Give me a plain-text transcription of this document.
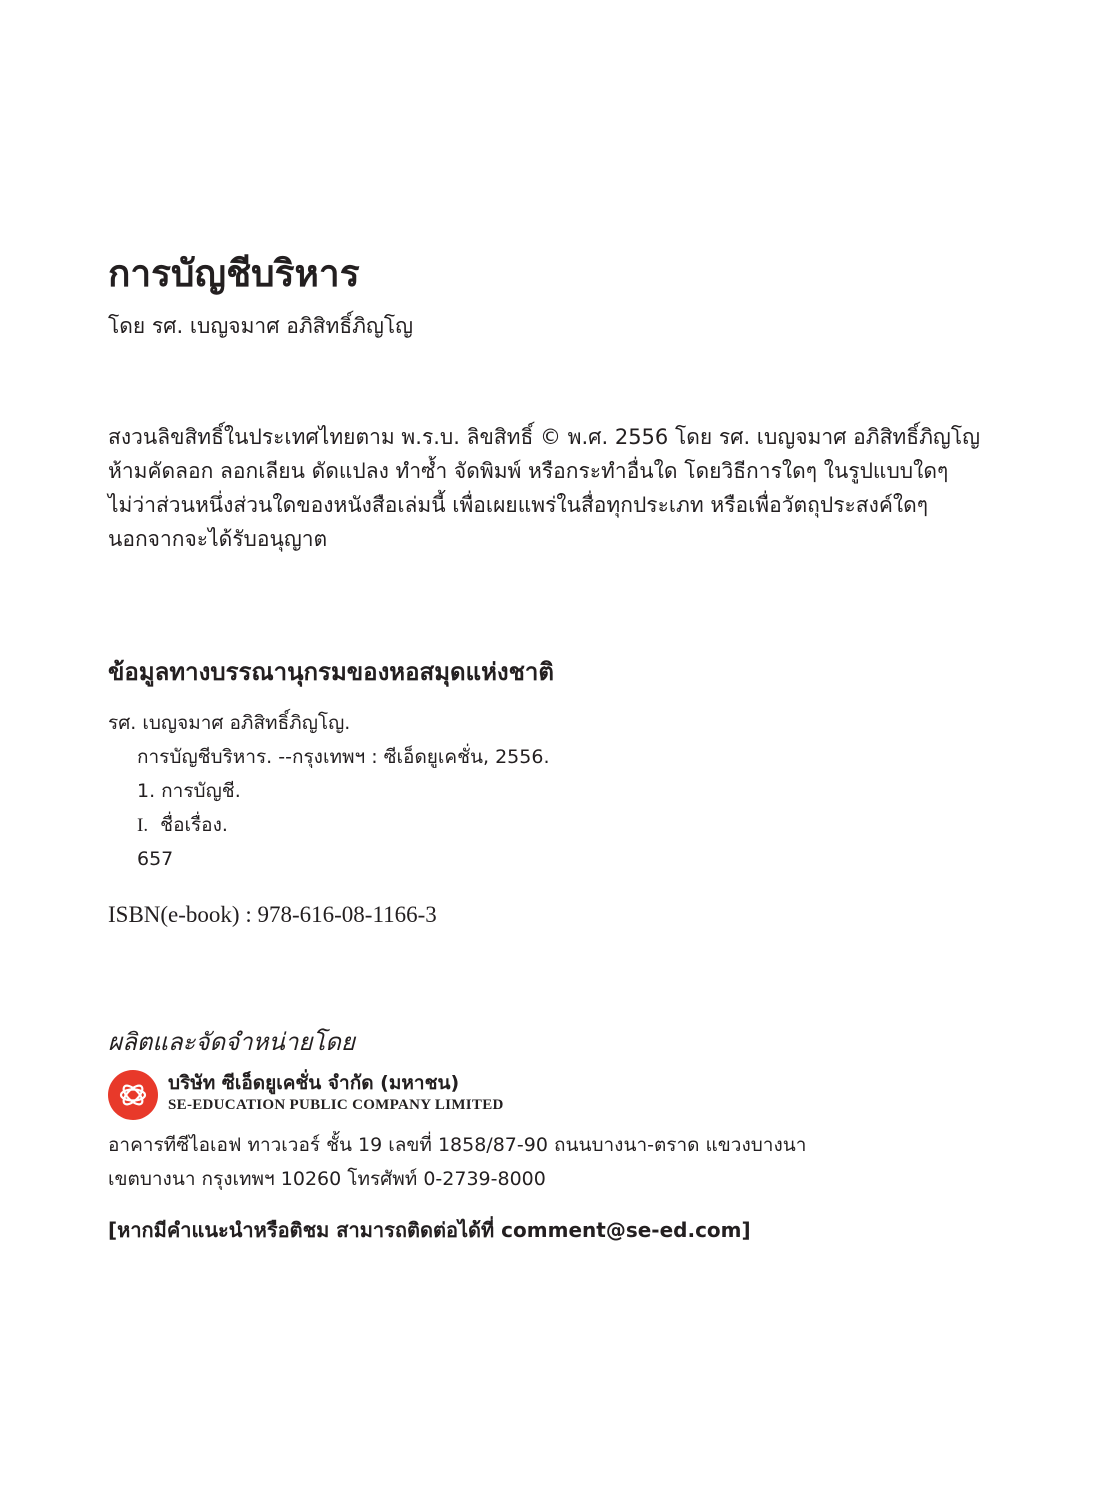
การบัญชีบริหาร
โดย รศ. เบญจมาศ อภิสิทธิ์ภิญโญ

สงวนลิขสิทธิ์ในประเทศไทยตาม พ.ร.บ. ลิขสิทธิ์ © พ.ศ. 2556 โดย รศ. เบญจมาศ อภิสิทธิ์ภิญโญ

ห้ามคัดลอก ลอกเลียน ดัดแปลง ทำซ้ำ จัดพิมพ์ หรือกระทำอื่นใด โดยวิธีการใดๆ ในรูปแบบใดๆ

ไม่ว่าส่วนหนึ่งส่วนใดของหนังสือเล่มนี้ เพื่อเผยแพร่ในสื่อทุกประเภท หรือเพื่อวัตถุประสงค์ใดๆ

นอกจากจะได้รับอนุญาต

ข้อมูลทางบรรณานุกรมของหอสมุดแห่งชาติ
รศ. เบญจมาศ อภิสิทธิ์ภิญโญ.
การบัญชีบริหาร. --กรุงเทพฯ : ซีเอ็ดยูเคชั่น, 2556.
1. การบัญชี.
I. ชื่อเรื่อง.
657
ISBN(e-book) : 978-616-08-1166-3
ผลิตและจัดจำหน่ายโดย
บริษัท ซีเอ็ดยูเคชั่น จำกัด (มหาชน)
SE-EDUCATION PUBLIC COMPANY LIMITED
อาคารทีซีไอเอฟ ทาวเวอร์ ชั้น 19 เลขที่ 1858/87-90 ถนนบางนา-ตราด แขวงบางนา
เขตบางนา กรุงเทพฯ 10260 โทรศัพท์ 0-2739-8000
[หากมีคำแนะนำหรือติชม สามารถติดต่อได้ที่ comment@se-ed.com]
